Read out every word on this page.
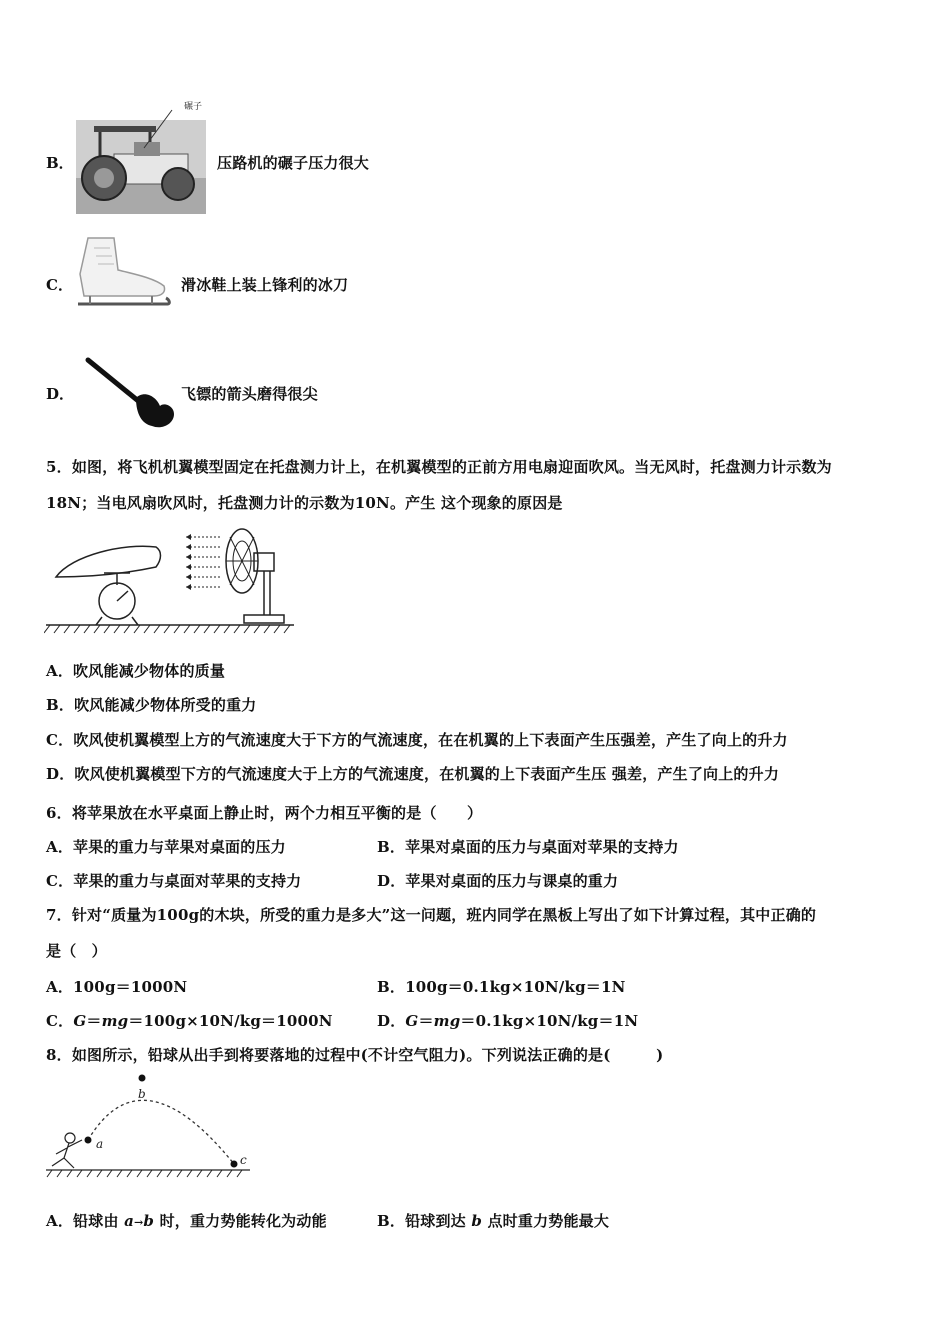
B．
碾子
压路机的碾子压力很大
C．	滑冰鞋上装上锋利的冰刀
D．	飞镖的箭头磨得很尖
5．如图，将飞机机翼模型固定在托盘测力计上，在机翼模型的正前方用电扇迎面吹风。当无风时，托盘测力计示数为
18N；当电风扇吹风时，托盘测力计的示数为10N。产生 这个现象的原因是
A．吹风能减少物体的质量
B．吹风能减少物体所受的重力
C．吹风使机翼模型上方的气流速度大于下方的气流速度，在在机翼的上下表面产生压强差，产生了向上的升力
D．吹风使机翼模型下方的气流速度大于上方的气流速度，在机翼的上下表面产生压 强差，产生了向上的升力
6．将苹果放在水平桌面上静止时，两个力相互平衡的是（　　）
A．苹果的重力与苹果对桌面的压力	B．苹果对桌面的压力与桌面对苹果的支持力
C．苹果的重力与桌面对苹果的支持力	D．苹果对桌面的压力与课桌的重力
7．针对“质量为100g的木块，所受的重力是多大”这一问题，班内同学在黑板上写出了如下计算过程，其中正确的
是（　）
A．100g＝1000N	B．100g＝0.1kg×10N/kg＝1N
C．G＝mg＝100g×10N/kg＝1000N	D．G＝mg＝0.1kg×10N/kg＝1N
8．如图所示，铅球从出手到将要落地的过程中(不计空气阻力)。下列说法正确的是(　　　)
a
b
c
A．铅球由 a→b 时，重力势能转化为动能	B．铅球到达 b 点时重力势能最大
